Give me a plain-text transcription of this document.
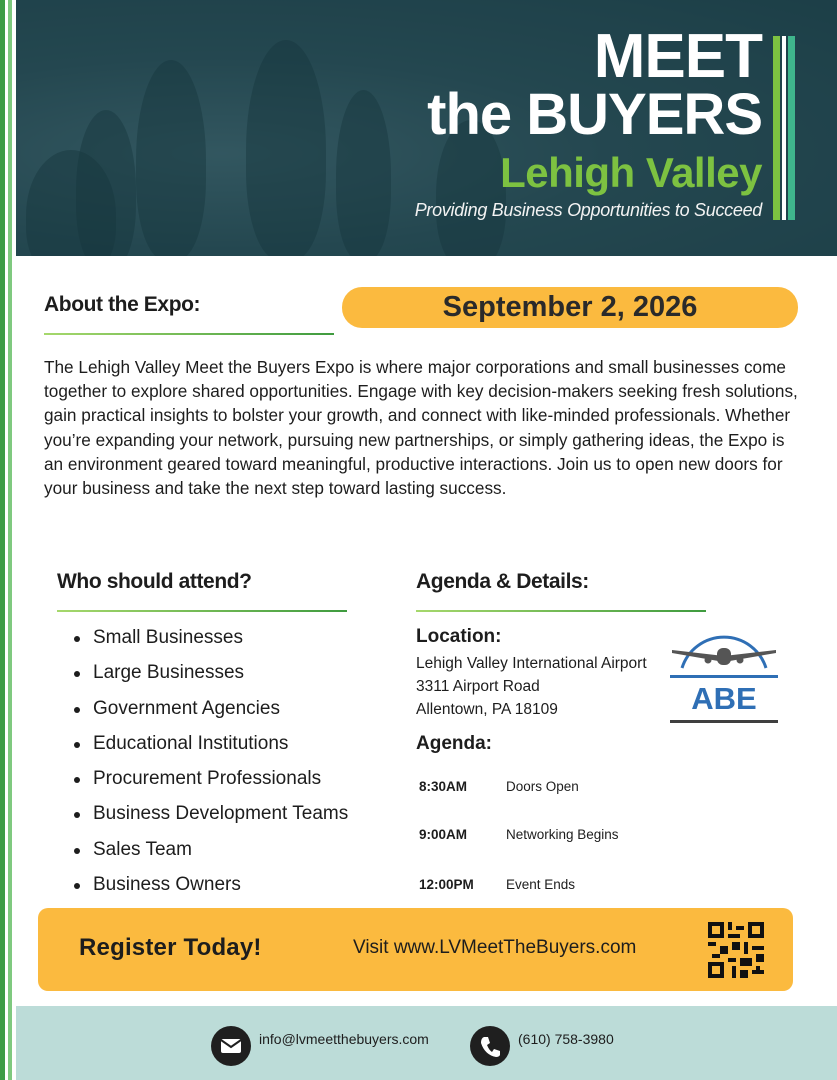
MEET
the BUYERS
Lehigh Valley
Providing Business Opportunities to Succeed
About the Expo:	September 2, 2026

The Lehigh Valley Meet the Buyers Expo is where major corporations and small businesses come together to explore shared opportunities. Engage with key decision-makers seeking fresh solutions, gain practical insights to bolster your growth, and connect with like-minded professionals. Whether you’re expanding your network, pursuing new partnerships, or simply gathering ideas, the Expo is an environment geared toward meaningful, productive interactions. Join us to open new doors for your business and take the next step toward lasting success.

Who should attend?
Small Businesses
Large Businesses
Government Agencies
Educational Institutions
Procurement Professionals
Business Development Teams
Sales Team
Business Owners
Agenda & Details:
Location:
Lehigh Valley International Airport
3311 Airport Road
Allentown, PA 18109	ABE
Agenda:
8:30AM	Doors Open
9:00AM	Networking Begins
12:00PM Event Ends
Register Today!	Visit www.LVMeetTheBuyers.com
info@lvmeetthebuyers.com	(610) 758-3980
